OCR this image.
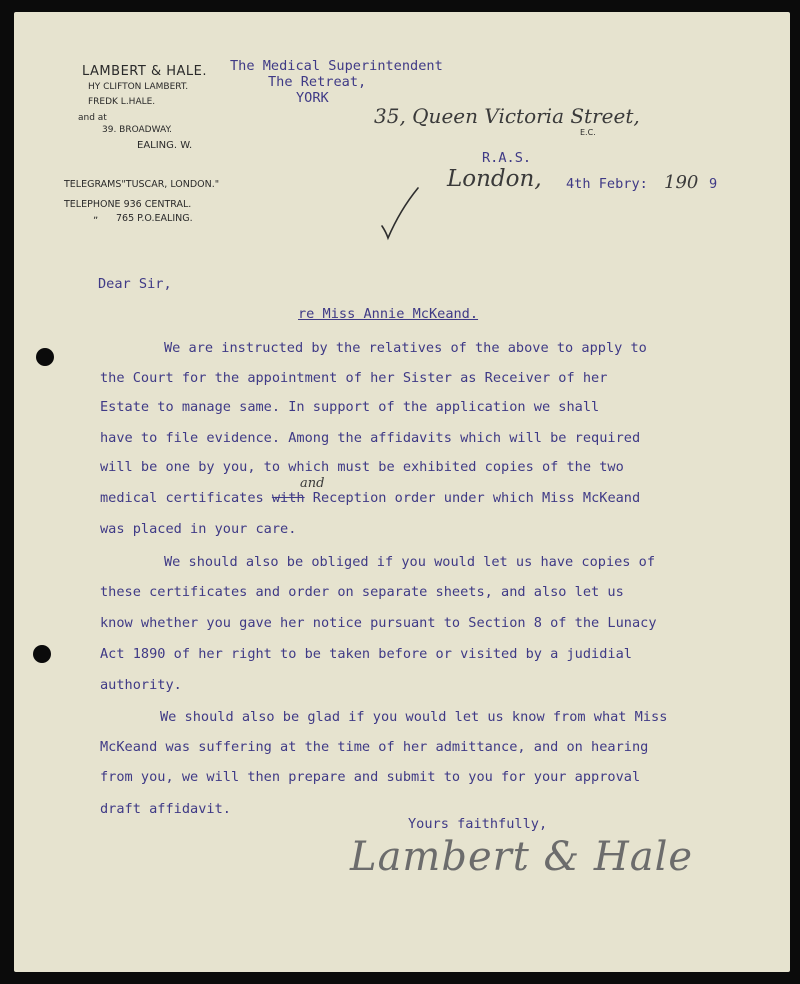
LAMBERT & HALE.
HY CLIFTON LAMBERT.
FREDK L.HALE.
and at
39. BROADWAY.
EALING. W.
TELEGRAMS"TUSCAR, LONDON."
TELEPHONE 936 CENTRAL.
„ 765 P.O.EALING.
The Medical Superintendent
The Retreat,
YORK
35, Queen Victoria Street,
E.C.
R.A.S.
London, 4th Febry: 190 9
Dear Sir,
re Miss Annie McKeand.
We are instructed by the relatives of the above to apply to
the Court for the appointment of her Sister as Receiver of her
Estate to manage same. In support of the application we shall
have to file evidence. Among the affidavits which will be required
will be one by you, to which must be exhibited copies of the two
medical certificates with Reception order under which Miss McKeand
and
was placed in your care.
We should also be obliged if you would let us have copies of
these certificates and order on separate sheets, and also let us
know whether you gave her notice pursuant to Section 8 of the Lunacy
Act 1890 of her right to be taken before or visited by a judidial
authority.
We should also be glad if you would let us know from what Miss
McKeand was suffering at the time of her admittance, and on hearing
from you, we will then prepare and submit to you for your approval
draft affidavit.
Yours faithfully,
Lambert & Hale
